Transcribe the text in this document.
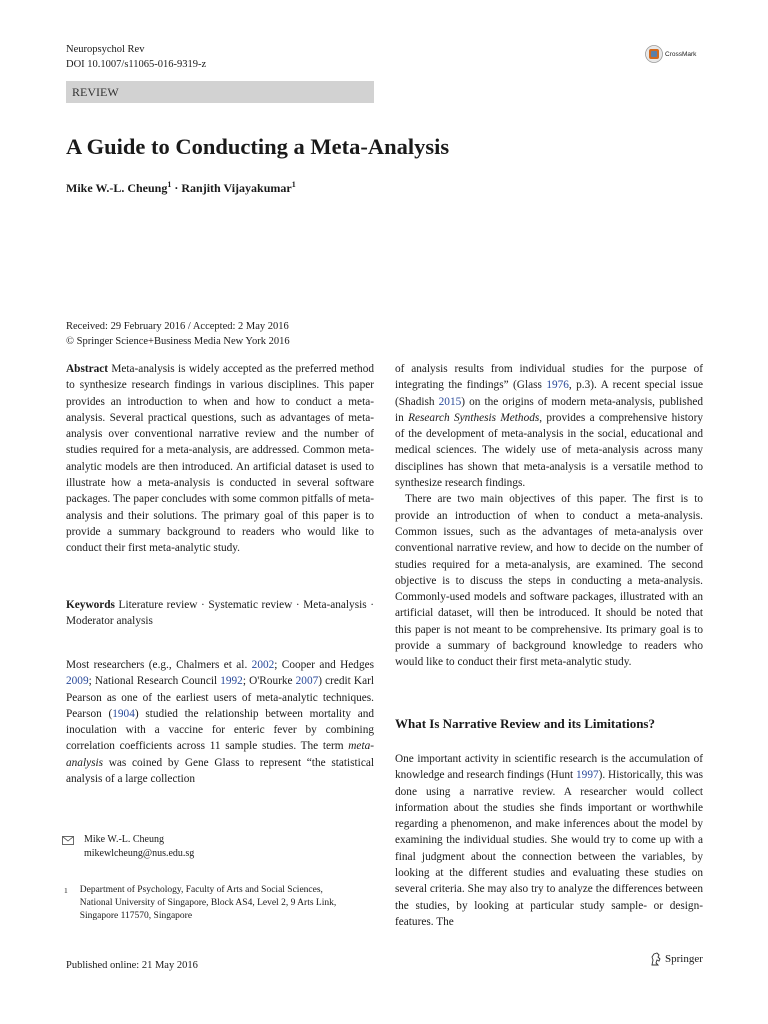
Neuropsychol Rev
DOI 10.1007/s11065-016-9319-z
CrossMark
REVIEW
A Guide to Conducting a Meta-Analysis
Mike W.-L. Cheung$^1$ · Ranjith Vijayakumar$^1$
Received: 29 February 2016 / Accepted: 2 May 2016
© Springer Science+Business Media New York 2016

Abstract Meta-analysis is widely accepted as the preferred method to synthesize research findings in various disciplines. This paper provides an introduction to when and how to conduct a meta-analysis. Several practical questions, such as advantages of meta-analysis over conventional narrative review and the number of studies required for a meta-analysis, are addressed. Common meta-analytic models are then introduced. An artificial dataset is used to illustrate how a meta-analysis is conducted in several software packages. The paper concludes with some common pitfalls of meta-analysis and their solutions. The primary goal of this paper is to provide a summary background to readers who would like to conduct their first meta-analytic study.

Keywords Literature review · Systematic review · Meta-analysis · Moderator analysis

Most researchers (e.g., Chalmers et al. 2002; Cooper and Hedges 2009; National Research Council 1992; O'Rourke 2007) credit Karl Pearson as one of the earliest users of meta-analytic techniques. Pearson (1904) studied the relationship between mortality and inoculation with a vaccine for enteric fever by combining correlation coefficients across 11 sample studies. The term meta-analysis was coined by Gene Glass to represent “the statistical analysis of a large collection

of analysis results from individual studies for the purpose of integrating the findings” (Glass 1976, p.3). A recent special issue (Shadish 2015) on the origins of modern meta-analysis, published in Research Synthesis Methods, provides a comprehensive history of the development of meta-analysis in the social, educational and medical sciences. The widely use of meta-analysis across many disciplines has shown that meta-analysis is a versatile method to synthesize research findings.

There are two main objectives of this paper. The first is to provide an introduction of when to conduct a meta-analysis. Common issues, such as the advantages of meta-analysis over conventional narrative review, and how to decide on the number of studies required for a meta-analysis, are examined. The second objective is to discuss the steps in conducting a meta-analysis. Commonly-used models and software packages, illustrated with an artificial dataset, will then be introduced. It should be noted that this paper is not meant to be comprehensive. Its primary goal is to provide a summary of background knowledge to readers who would like to conduct their first meta-analytic study.

What Is Narrative Review and its Limitations?

One important activity in scientific research is the accumulation of knowledge and research findings (Hunt 1997). Historically, this was done using a narrative review. A researcher would collect information about the studies she finds important or worthwhile regarding a phenomenon, and make inferences about the model by examining the individual studies. She would try to come up with a final judgment about the connection between the variables, by looking at the different studies and evaluating these studies on several criteria. She may also try to analyze the differences between the studies, by looking at particular study sample- or design- features. The

Mike W.-L. Cheung
mikewlcheung@nus.edu.sg
1 Department of Psychology, Faculty of Arts and Social Sciences,
National University of Singapore, Block AS4, Level 2, 9 Arts Link,
Singapore 117570, Singapore
Published online: 21 May 2016
Springer
